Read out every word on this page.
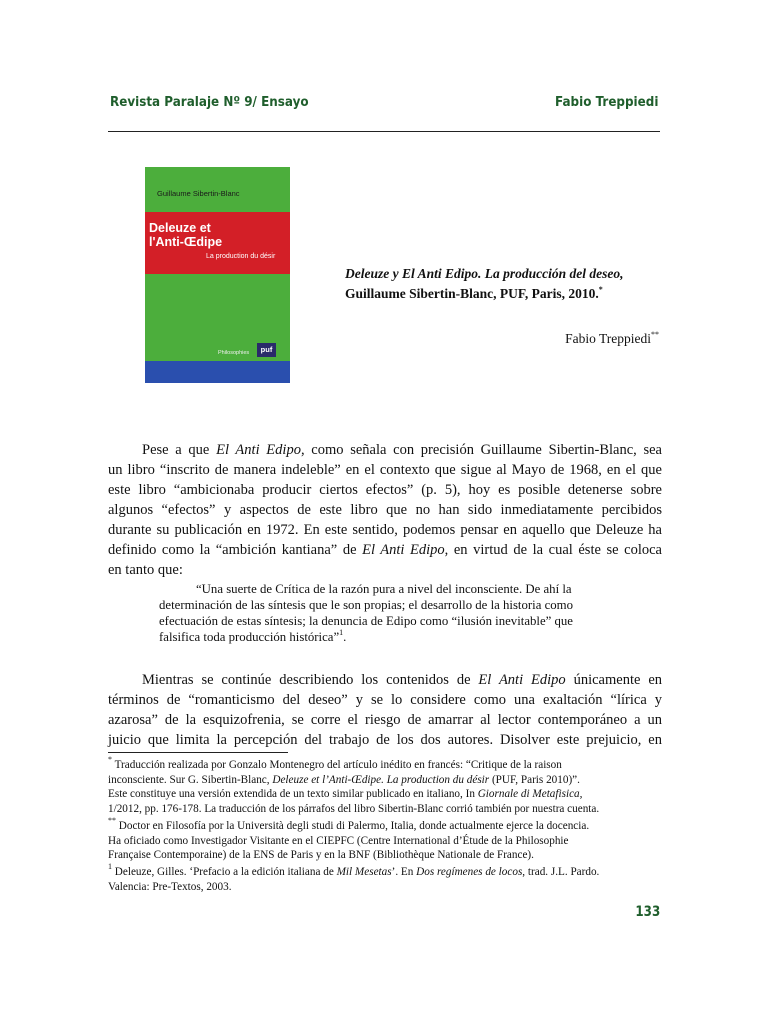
Revista Paralaje Nº 9/ Ensayo	Fabio Treppiedi
Guillaume Sibertin-Blanc
Deleuze et
l'Anti-Œdipe
La production du désir
Philosophies	puf
Deleuze y El Anti Edipo. La producción del deseo,
Guillaume Sibertin-Blanc, PUF, Paris, 2010.*
Fabio Treppiedi**
Pese a que El Anti Edipo, como señala con precisión Guillaume Sibertin-Blanc, sea
un libro “inscrito de manera indeleble” en el contexto que sigue al Mayo de 1968, en el que
este libro “ambicionaba producir ciertos efectos” (p. 5), hoy es posible detenerse sobre
algunos “efectos” y aspectos de este libro que no han sido inmediatamente percibidos
durante su publicación en 1972. En este sentido, podemos pensar en aquello que Deleuze ha
definido como la “ambición kantiana” de El Anti Edipo, en virtud de la cual éste se coloca
en tanto que:
“Una suerte de Crítica de la razón pura a nivel del inconsciente. De ahí la
determinación de las síntesis que le son propias; el desarrollo de la historia como
efectuación de estas síntesis; la denuncia de Edipo como “ilusión inevitable” que
falsifica toda producción histórica”$^1$.
Mientras se continúe describiendo los contenidos de El Anti Edipo únicamente en
términos de “romanticismo del deseo” y se lo considere como una exaltación “lírica y
azarosa” de la esquizofrenia, se corre el riesgo de amarrar al lector contemporáneo a un
juicio que limita la percepción del trabajo de los dos autores. Disolver este prejuicio, en
* Traducción realizada por Gonzalo Montenegro del artículo inédito en francés: “Critique de la raison
inconsciente. Sur G. Sibertin-Blanc, Deleuze et l’Anti-Œdipe. La production du désir (PUF, Paris 2010)”.
Este constituye una versión extendida de un texto similar publicado en italiano, In Giornale di Metafisica,
1/2012, pp. 176-178. La traducción de los párrafos del libro Sibertin-Blanc corrió también por nuestra cuenta.
** Doctor en Filosofía por la Università degli studi di Palermo, Italia, donde actualmente ejerce la docencia.
Ha oficiado como Investigador Visitante en el CIEPFC (Centre International d’Étude de la Philosophie
Française Contemporaine) de la ENS de Paris y en la BNF (Bibliothèque Nationale de France).
$^1$ Deleuze, Gilles. ‘Prefacio a la edición italiana de Mil Mesetas’. En Dos regímenes de locos, trad. J.L. Pardo.
Valencia: Pre-Textos, 2003.
133
